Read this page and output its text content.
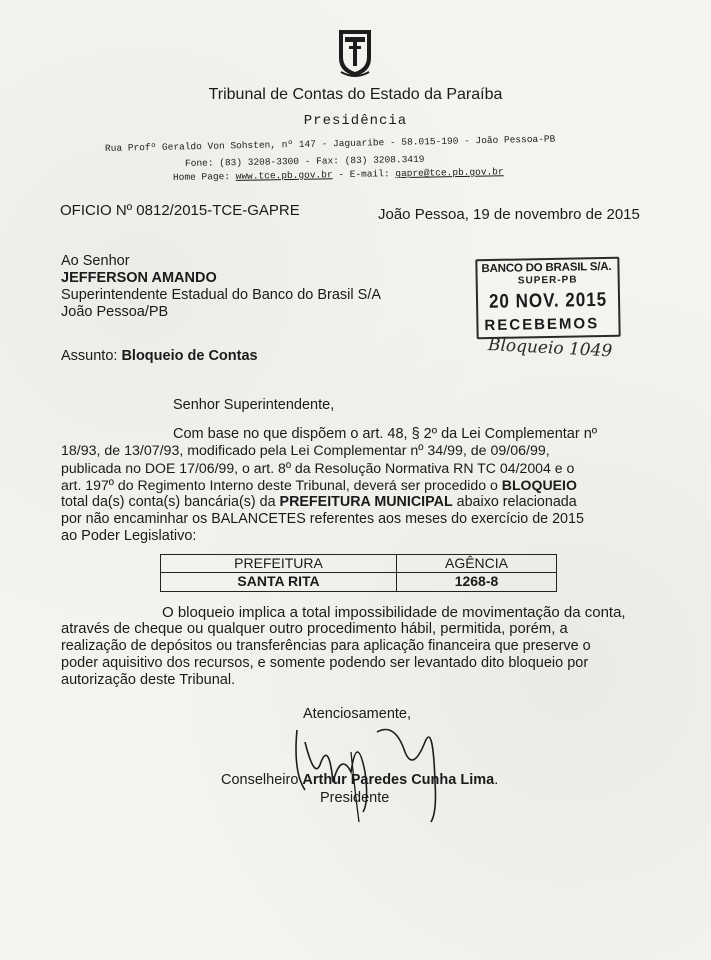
Tribunal de Contas do Estado da Paraíba
Presidência
Rua Profº Geraldo Von Sohsten, nº 147 - Jaguaribe - 58.015-190 - João Pessoa-PB
Fone: (83) 3208-3300 - Fax: (83) 3208.3419
Home Page: www.tce.pb.gov.br - E-mail: gapre@tce.pb.gov.br
OFICIO Nº 0812/2015-TCE-GAPRE	João Pessoa, 19 de novembro de 2015
Ao Senhor
JEFFERSON AMANDO
Superintendente Estadual do Banco do Brasil S/A
João Pessoa/PB
BANCO DO BRASIL S/A.
SUPER-PB
20 NOV. 2015
RECEBEMOS
Bloqueio 1049
Assunto: Bloqueio de Contas
Senhor Superintendente,
Com base no que dispõem o art. 48, § 2º da Lei Complementar nº
18/93, de 13/07/93, modificado pela Lei Complementar nº 34/99, de 09/06/99,
publicada no DOE 17/06/99, o art. 8º da Resolução Normativa RN TC 04/2004 e o
art. 197º do Regimento Interno deste Tribunal, deverá ser procedido o BLOQUEIO
total da(s) conta(s) bancária(s) da PREFEITURA MUNICIPAL abaixo relacionada
por não encaminhar os BALANCETES referentes aos meses do exercício de 2015
ao Poder Legislativo:
PREFEITURA	AGÊNCIA
SANTA RITA	1268-8
O bloqueio implica a total impossibilidade de movimentação da conta,
através de cheque ou qualquer outro procedimento hábil, permitida, porém, a
realização de depósitos ou transferências para aplicação financeira que preserve o
poder aquisitivo dos recursos, e somente podendo ser levantado dito bloqueio por
autorização deste Tribunal.
Atenciosamente,
Conselheiro Arthur Paredes Cunha Lima.
Presidente
